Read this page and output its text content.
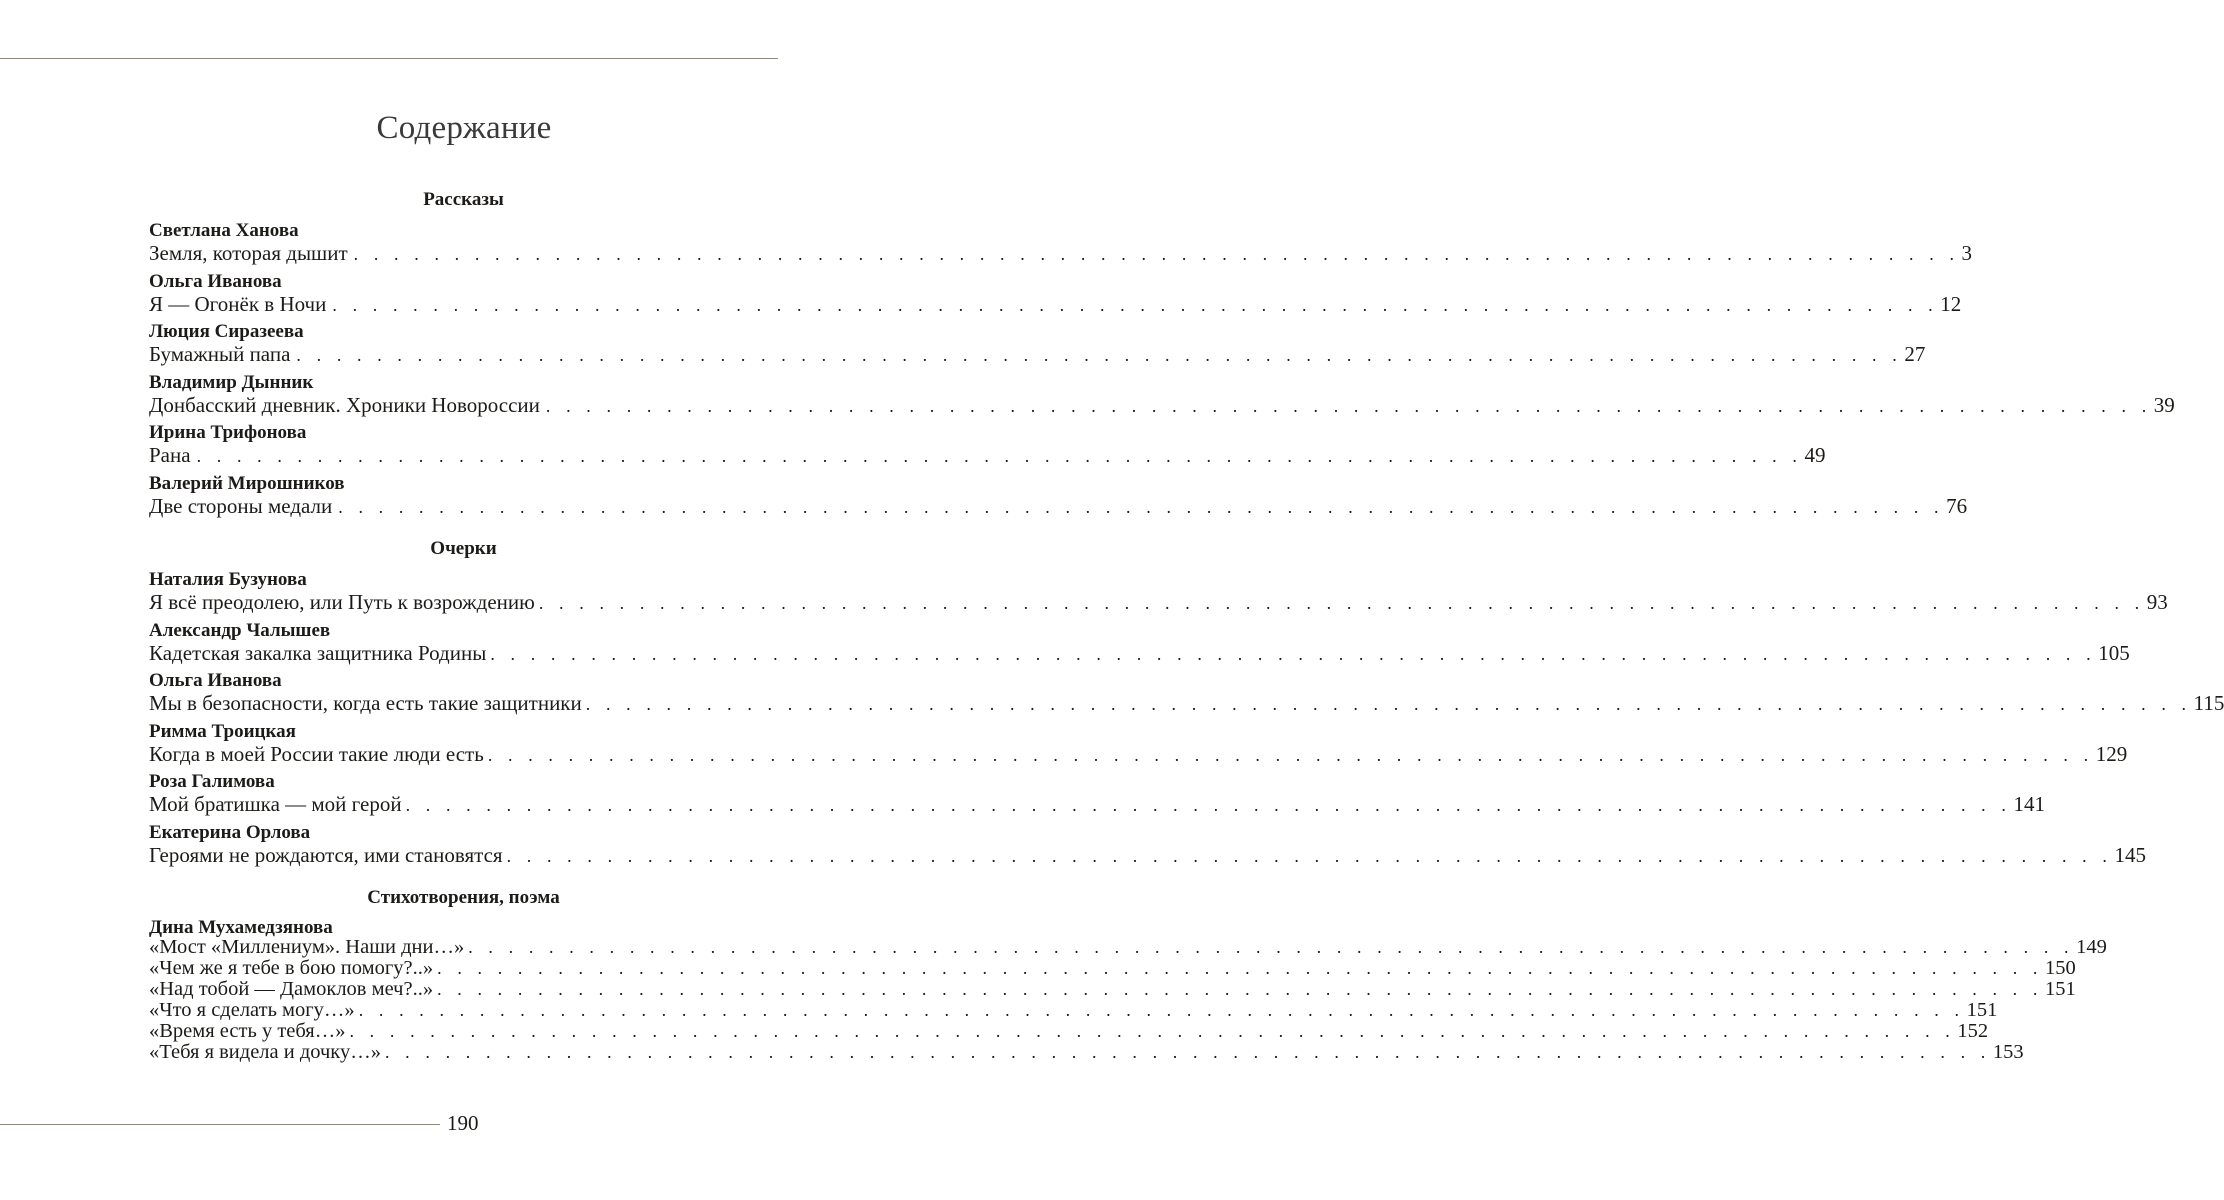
Содержание
Рассказы
Светлана Ханова
Земля, которая дышит . . . . . . . . . . . . . . . . . . . . . . . . . . . . . . . . . . . . . . . . . . . . . . . . . . . . . . . . . . . . . . . . . . . . . . . . . . . . . . . . 3
Ольга Иванова
Я — Огонёк в Ночи . . . . . . . . . . . . . . . . . . . . . . . . . . . . . . . . . . . . . . . . . . . . . . . . . . . . . . . . . . . . . . . . . . . . . . . . . . . . . . . . 12
Люция Сиразеева
Бумажный папа . . . . . . . . . . . . . . . . . . . . . . . . . . . . . . . . . . . . . . . . . . . . . . . . . . . . . . . . . . . . . . . . . . . . . . . . . . . . . . . . 27
Владимир Дынник
Донбасский дневник. Хроники Новороссии . . . . . . . . . . . . . . . . . . . . . . . . . . . . . . . . . . . . . . . . . . . . . . . . . . . . . . . . . . . . . . . . . . . . . . . . . . . . . . . . 39
Ирина Трифонова
Рана . . . . . . . . . . . . . . . . . . . . . . . . . . . . . . . . . . . . . . . . . . . . . . . . . . . . . . . . . . . . . . . . . . . . . . . . . . . . . . . . 49
Валерий Мирошников
Две стороны медали . . . . . . . . . . . . . . . . . . . . . . . . . . . . . . . . . . . . . . . . . . . . . . . . . . . . . . . . . . . . . . . . . . . . . . . . . . . . . . . . 76
Очерки
Наталия Бузунова
Я всё преодолею, или Путь к возрождению . . . . . . . . . . . . . . . . . . . . . . . . . . . . . . . . . . . . . . . . . . . . . . . . . . . . . . . . . . . . . . . . . . . . . . . . . . . . . . . . 93
Александр Чалышев
Кадетская закалка защитника Родины . . . . . . . . . . . . . . . . . . . . . . . . . . . . . . . . . . . . . . . . . . . . . . . . . . . . . . . . . . . . . . . . . . . . . . . . . . . . . . . . 105
Ольга Иванова
Мы в безопасности, когда есть такие защитники . . . . . . . . . . . . . . . . . . . . . . . . . . . . . . . . . . . . . . . . . . . . . . . . . . . . . . . . . . . . . . . . . . . . . . . . . . . . . . . . 115
Римма Троицкая
Когда в моей России такие люди есть . . . . . . . . . . . . . . . . . . . . . . . . . . . . . . . . . . . . . . . . . . . . . . . . . . . . . . . . . . . . . . . . . . . . . . . . . . . . . . . . 129
Роза Галимова
Мой братишка — мой герой . . . . . . . . . . . . . . . . . . . . . . . . . . . . . . . . . . . . . . . . . . . . . . . . . . . . . . . . . . . . . . . . . . . . . . . . . . . . . . . . 141
Екатерина Орлова
Героями не рождаются, ими становятся . . . . . . . . . . . . . . . . . . . . . . . . . . . . . . . . . . . . . . . . . . . . . . . . . . . . . . . . . . . . . . . . . . . . . . . . . . . . . . . . 145
Стихотворения, поэма
Дина Мухамедзянова
«Мост «Миллениум». Наши дни…» . . . . . . . . . . . . . . . . . . . . . . . . . . . . . . . . . . . . . . . . . . . . . . . . . . . . . . . . . . . . . . . . . . . . . . . . . . . . . . . . 149
«Чем же я тебе в бою помогу?..» . . . . . . . . . . . . . . . . . . . . . . . . . . . . . . . . . . . . . . . . . . . . . . . . . . . . . . . . . . . . . . . . . . . . . . . . . . . . . . . . 150
«Над тобой — Дамоклов меч?..» . . . . . . . . . . . . . . . . . . . . . . . . . . . . . . . . . . . . . . . . . . . . . . . . . . . . . . . . . . . . . . . . . . . . . . . . . . . . . . . . 151
«Что я сделать могу…» . . . . . . . . . . . . . . . . . . . . . . . . . . . . . . . . . . . . . . . . . . . . . . . . . . . . . . . . . . . . . . . . . . . . . . . . . . . . . . . . 151
«Время есть у тебя…» . . . . . . . . . . . . . . . . . . . . . . . . . . . . . . . . . . . . . . . . . . . . . . . . . . . . . . . . . . . . . . . . . . . . . . . . . . . . . . . . 152
«Тебя я видела и дочку…» . . . . . . . . . . . . . . . . . . . . . . . . . . . . . . . . . . . . . . . . . . . . . . . . . . . . . . . . . . . . . . . . . . . . . . . . . . . . . . . . 153
190
